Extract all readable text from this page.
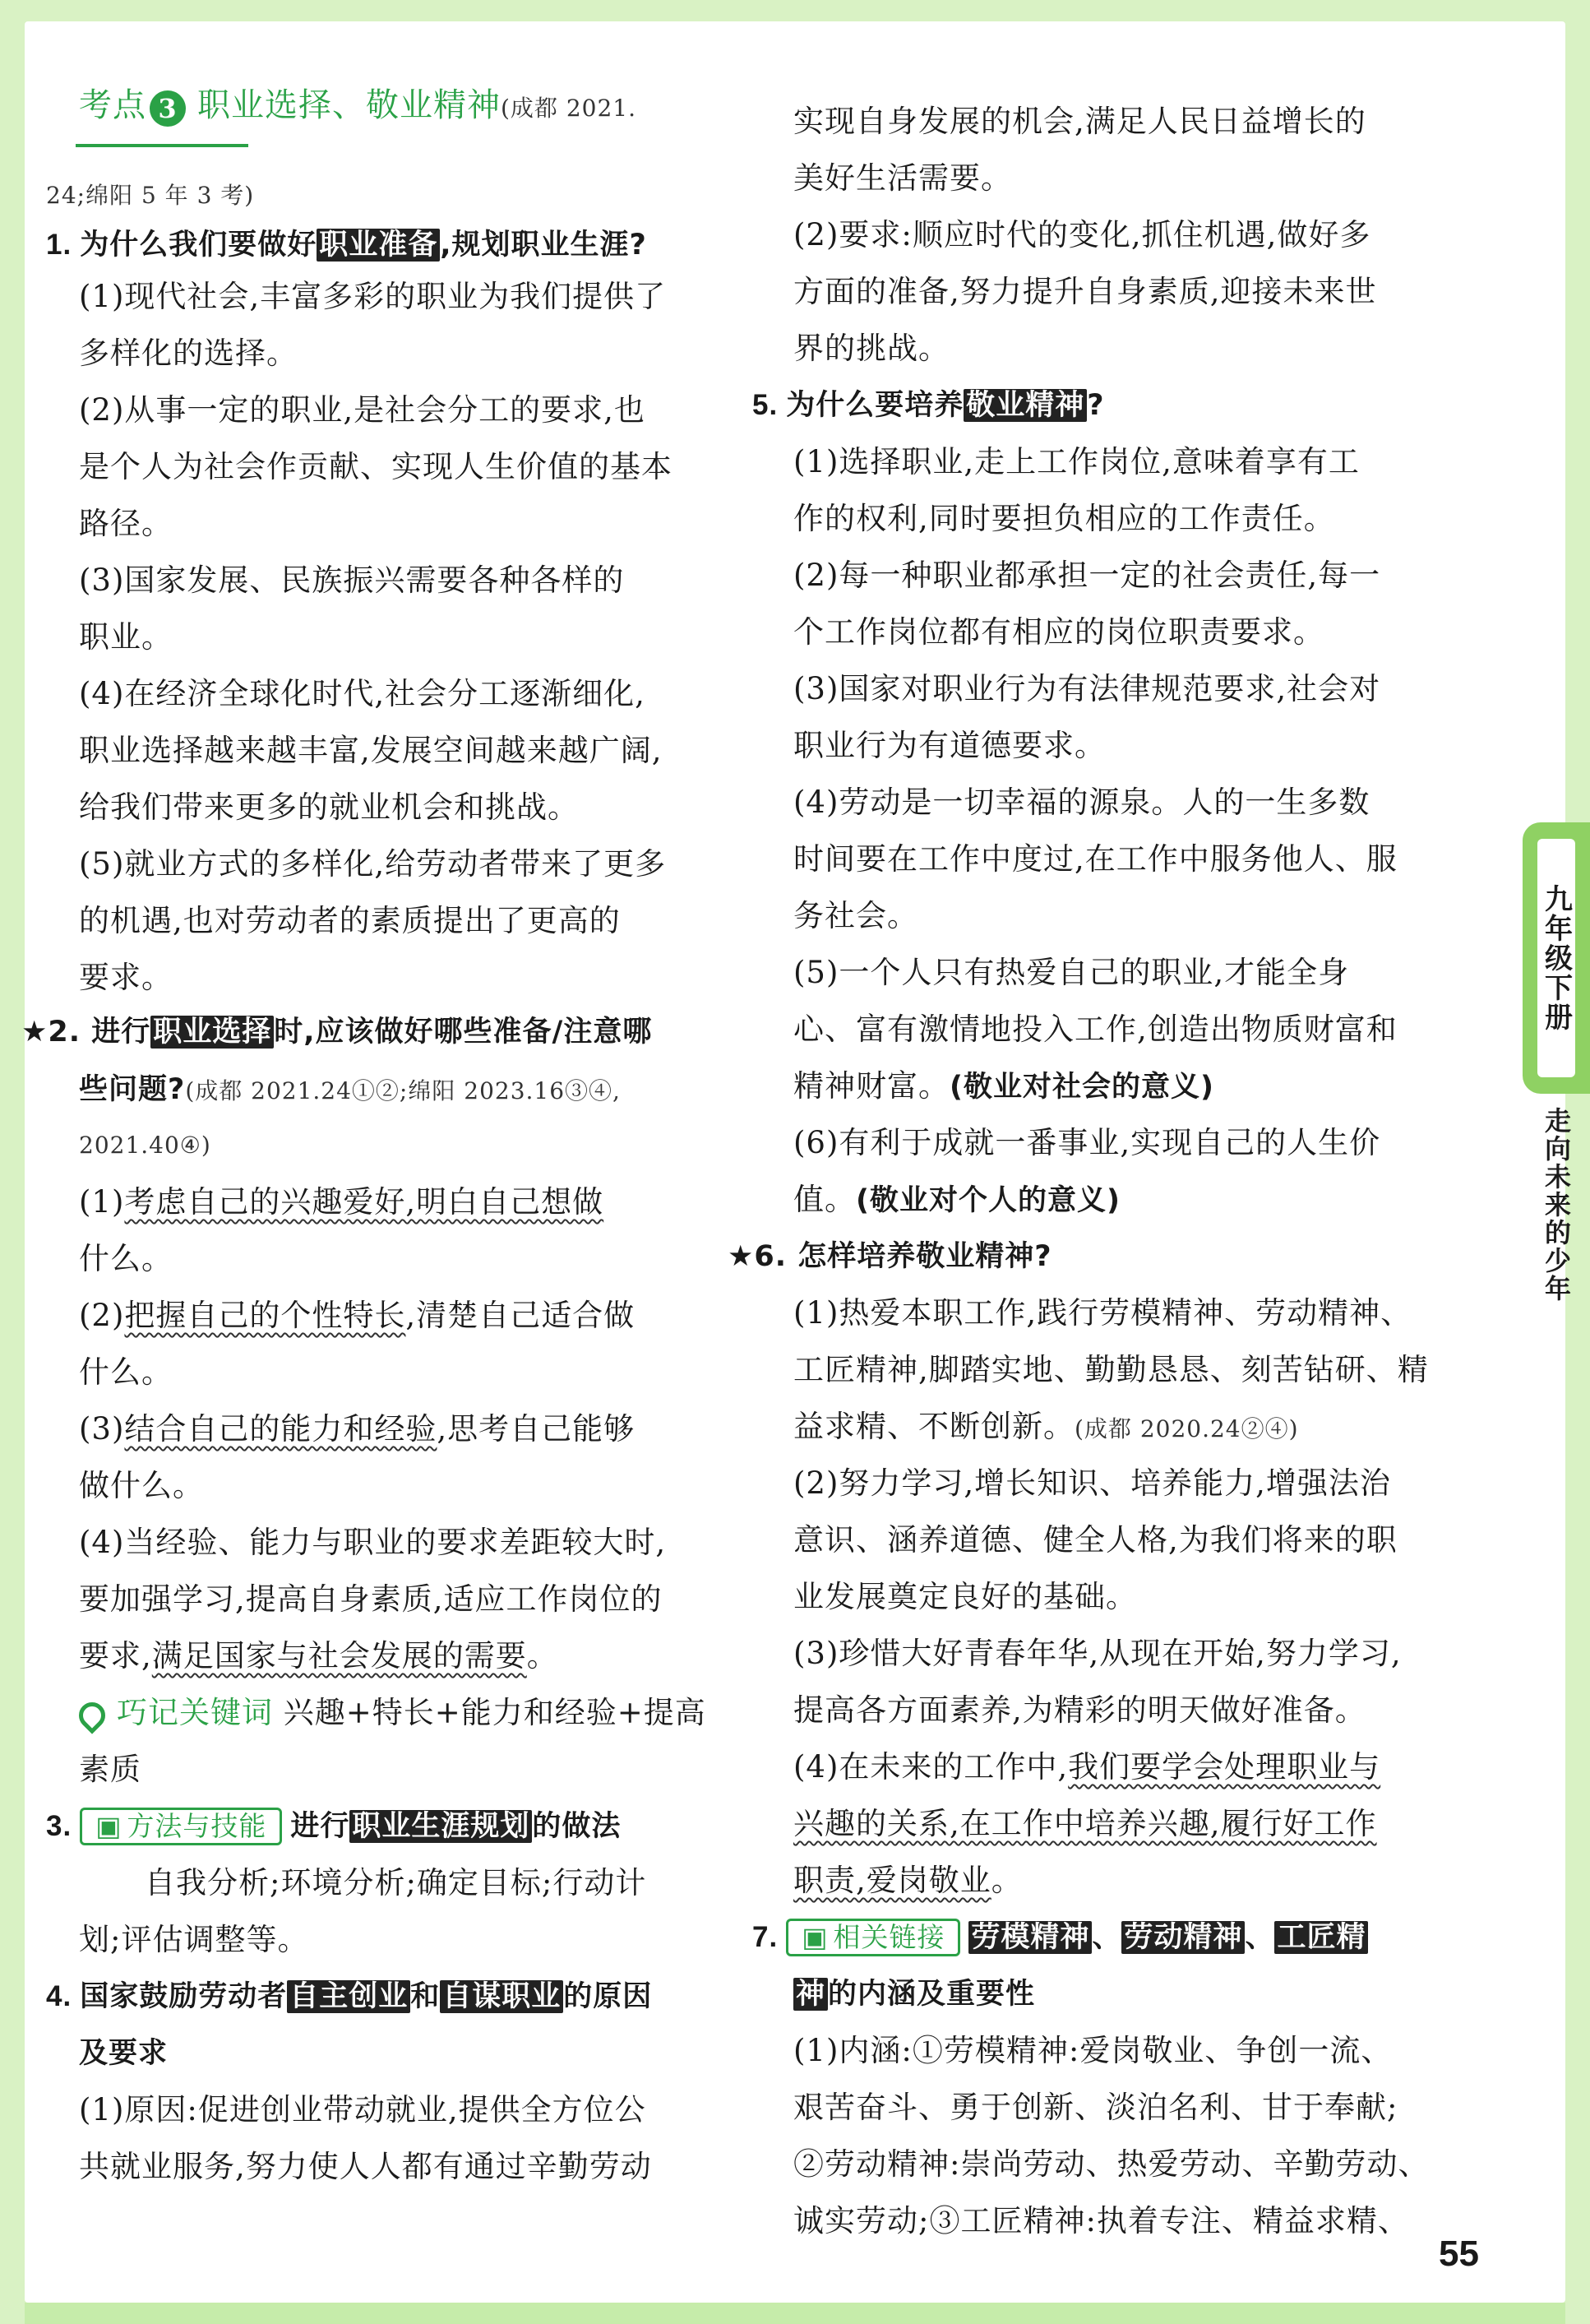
考点 3 职业选择、敬业精神(成都 2021.
24;绵阳 5 年 3 考)
1. 为什么我们要做好职业准备,规划职业生涯?
(1)现代社会,丰富多彩的职业为我们提供了
多样化的选择。
(2)从事一定的职业,是社会分工的要求,也
是个人为社会作贡献、实现人生价值的基本
路径。
(3)国家发展、民族振兴需要各种各样的
职业。
(4)在经济全球化时代,社会分工逐渐细化,
职业选择越来越丰富,发展空间越来越广阔,
给我们带来更多的就业机会和挑战。
(5)就业方式的多样化,给劳动者带来了更多
的机遇,也对劳动者的素质提出了更高的
要求。
★2. 进行职业选择时,应该做好哪些准备/注意哪
些问题?(成都 2021.24①②;绵阳 2023.16③④,
2021.40④)
(1)考虑自己的兴趣爱好,明白自己想做
什么。
(2)把握自己的个性特长,清楚自己适合做
什么。
(3)结合自己的能力和经验,思考自己能够
做什么。
(4)当经验、能力与职业的要求差距较大时,
要加强学习,提高自身素质,适应工作岗位的
要求,满足国家与社会发展的需要。
巧记关键词 兴趣+特长+能力和经验+提高
素质
3. ▣ 方法与技能 进行职业生涯规划的做法
自我分析;环境分析;确定目标;行动计
划;评估调整等。
4. 国家鼓励劳动者自主创业和自谋职业的原因
及要求
(1)原因:促进创业带动就业,提供全方位公
共就业服务,努力使人人都有通过辛勤劳动
实现自身发展的机会,满足人民日益增长的
美好生活需要。
(2)要求:顺应时代的变化,抓住机遇,做好多
方面的准备,努力提升自身素质,迎接未来世
界的挑战。
5. 为什么要培养敬业精神?
(1)选择职业,走上工作岗位,意味着享有工
作的权利,同时要担负相应的工作责任。
(2)每一种职业都承担一定的社会责任,每一
个工作岗位都有相应的岗位职责要求。
(3)国家对职业行为有法律规范要求,社会对
职业行为有道德要求。
(4)劳动是一切幸福的源泉。人的一生多数
时间要在工作中度过,在工作中服务他人、服
务社会。
(5)一个人只有热爱自己的职业,才能全身
心、富有激情地投入工作,创造出物质财富和
精神财富。(敬业对社会的意义)
(6)有利于成就一番事业,实现自己的人生价
值。(敬业对个人的意义)
★6. 怎样培养敬业精神?
(1)热爱本职工作,践行劳模精神、劳动精神、
工匠精神,脚踏实地、勤勤恳恳、刻苦钻研、精
益求精、不断创新。(成都 2020.24②④)
(2)努力学习,增长知识、培养能力,增强法治
意识、涵养道德、健全人格,为我们将来的职
业发展奠定良好的基础。
(3)珍惜大好青春年华,从现在开始,努力学习,
提高各方面素养,为精彩的明天做好准备。
(4)在未来的工作中,我们要学会处理职业与
兴趣的关系,在工作中培养兴趣,履行好工作
职责,爱岗敬业。
7. ▣ 相关链接 劳模精神、劳动精神、工匠精
神的内涵及重要性
(1)内涵:①劳模精神:爱岗敬业、争创一流、
艰苦奋斗、勇于创新、淡泊名利、甘于奉献;
②劳动精神:崇尚劳动、热爱劳动、辛勤劳动、
诚实劳动;③工匠精神:执着专注、精益求精、
九年级下册
走向未来的少年
55
